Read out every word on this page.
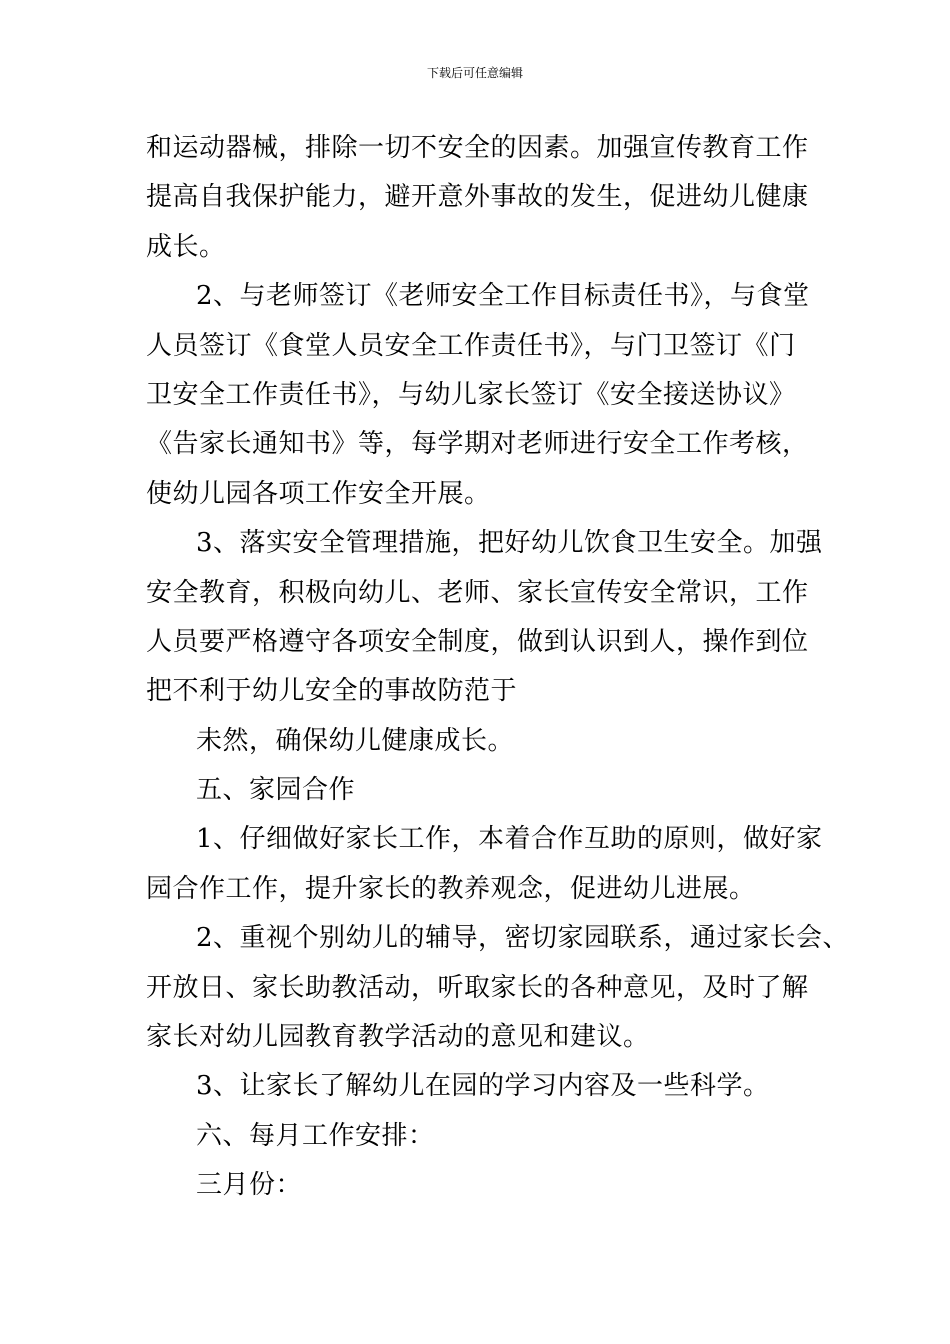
下载后可任意编辑
和运动器械，排除一切不安全的因素。加强宣传教育工作
提高自我保护能力，避开意外事故的发生，促进幼儿健康
成长。
2、与老师签订《老师安全工作目标责任书》，与食堂
人员签订《食堂人员安全工作责任书》，与门卫签订《门
卫安全工作责任书》，与幼儿家长签订《安全接送协议》
《告家长通知书》等，每学期对老师进行安全工作考核，
使幼儿园各项工作安全开展。
3、落实安全管理措施，把好幼儿饮食卫生安全。加强
安全教育，积极向幼儿、老师、家长宣传安全常识，工作
人员要严格遵守各项安全制度，做到认识到人，操作到位
把不利于幼儿安全的事故防范于
未然，确保幼儿健康成长。
五、家园合作
1、仔细做好家长工作，本着合作互助的原则，做好家
园合作工作，提升家长的教养观念，促进幼儿进展。
2、重视个别幼儿的辅导，密切家园联系，通过家长会、
开放日、家长助教活动，听取家长的各种意见，及时了解
家长对幼儿园教育教学活动的意见和建议。
3、让家长了解幼儿在园的学习内容及一些科学。
六、每月工作安排：
三月份：
